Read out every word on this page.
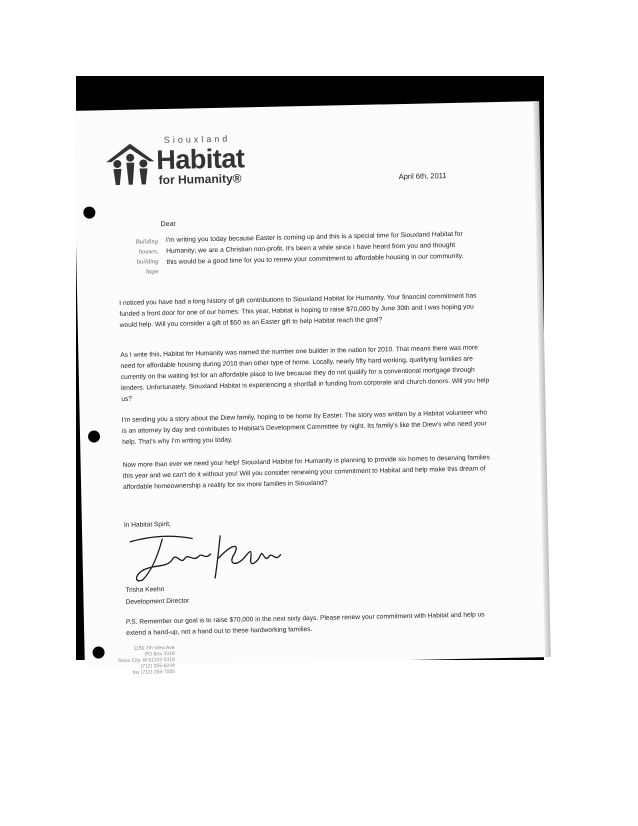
Siouxland
Habitat
for Humanity®	April 6th, 2011
Dear
Building
houses,
building
hope
I'm writing you today because Easter is coming up and this is a special time for Siouxland Habitat for Humanity; we are a Christian non-profit. It's been a while since I have heard from you and thought this would be a good time for you to renew your commitment to affordable housing in our community.
I noticed you have had a long history of gift contributions to Siouxland Habitat for Humanity. Your financial commitment has funded a front door for one of our homes. This year, Habitat is hoping to raise $70,000 by June 30th and I was hoping you would help. Will you consider a gift of $50 as an Easter gift to help Habitat reach the goal?
As I write this, Habitat for Humanity was named the number one builder in the nation for 2010. That means there was more need for affordable housing during 2010 than other type of home. Locally, nearly fifty hard working, qualifying families are currently on the waiting list for an affordable place to live because they do not qualify for a conventional mortgage through lenders. Unfortunately, Siouxland Habitat is experiencing a shortfall in funding from corporate and church donors. Will you help us?
I'm sending you a story about the Diew family, hoping to be home by Easter. The story was written by a Habitat volunteer who is an attorney by day and contributes to Habitat's Development Committee by night. Its family's like the Diew's who need your help. That's why I'm writing you today.
Now more than ever we need your help! Siouxland Habitat for Humanity is planning to provide six homes to deserving families this year and we can't do it without you! Will you consider renewing your commitment to Habitat and help make this dream of affordable homeownership a reality for six more families in Siouxland?
In Habitat Spirit,
Trisha Keehn
Development Director
P.S. Remember our goal is to raise $70,000 in the next sixty days. Please renew your commitment with Habitat and help us extend a hand-up, not a hand out to these hardworking families.
1150 7th View Ave
PO Box 3319
Sioux City, IA 51102-3319
(712) 255-6244
fax (712) 255-7055
